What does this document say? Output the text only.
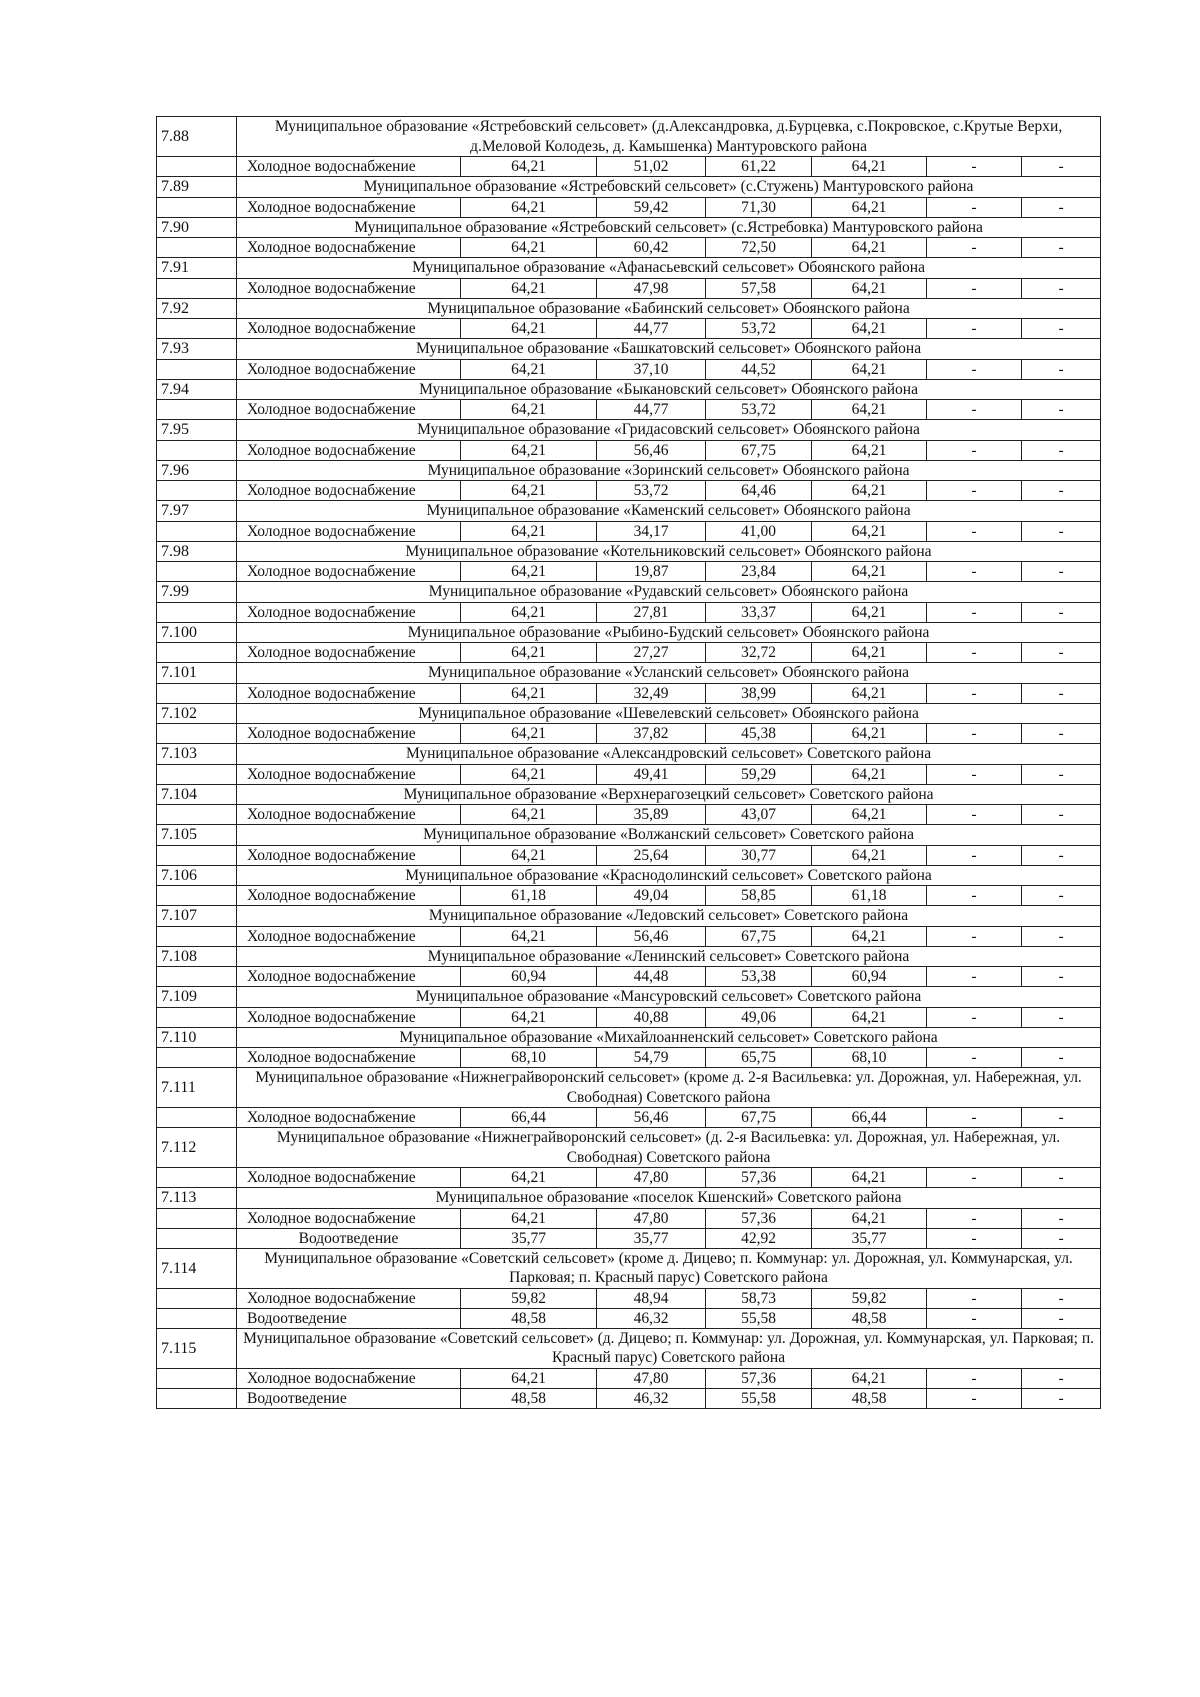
7.88	Муниципальное образование «Ястребовский сельсовет» (д.Александровка, д.Бурцевка, с.Покровское, с.Крутые Верхи, д.Меловой Колодезь, д. Камышенка) Мантуровского района						
	Холодное водоснабжение	64,21	51,02	61,22	64,21	-	-
7.89	Муниципальное образование «Ястребовский сельсовет» (с.Стужень) Мантуровского района						
	Холодное водоснабжение	64,21	59,42	71,30	64,21	-	-
7.90	Муниципальное образование «Ястребовский сельсовет» (с.Ястребовка) Мантуровского района						
	Холодное водоснабжение	64,21	60,42	72,50	64,21	-	-
7.91	Муниципальное образование «Афанасьевский сельсовет» Обоянского района						
	Холодное водоснабжение	64,21	47,98	57,58	64,21	-	-
7.92	Муниципальное образование «Бабинский сельсовет» Обоянского района						
	Холодное водоснабжение	64,21	44,77	53,72	64,21	-	-
7.93	Муниципальное образование «Башкатовский сельсовет» Обоянского района						
	Холодное водоснабжение	64,21	37,10	44,52	64,21	-	-
7.94	Муниципальное образование «Быкановский сельсовет» Обоянского района						
	Холодное водоснабжение	64,21	44,77	53,72	64,21	-	-
7.95	Муниципальное образование «Гридасовский сельсовет» Обоянского района						
	Холодное водоснабжение	64,21	56,46	67,75	64,21	-	-
7.96	Муниципальное образование «Зоринский сельсовет» Обоянского района						
	Холодное водоснабжение	64,21	53,72	64,46	64,21	-	-
7.97	Муниципальное образование «Каменский сельсовет» Обоянского района						
	Холодное водоснабжение	64,21	34,17	41,00	64,21	-	-
7.98	Муниципальное образование «Котельниковский сельсовет» Обоянского района						
	Холодное водоснабжение	64,21	19,87	23,84	64,21	-	-
7.99	Муниципальное образование «Рудавский сельсовет» Обоянского района						
	Холодное водоснабжение	64,21	27,81	33,37	64,21	-	-
7.100	Муниципальное образование «Рыбино-Будский сельсовет» Обоянского района						
	Холодное водоснабжение	64,21	27,27	32,72	64,21	-	-
7.101	Муниципальное образование «Усланский сельсовет» Обоянского района						
	Холодное водоснабжение	64,21	32,49	38,99	64,21	-	-
7.102	Муниципальное образование «Шевелевский сельсовет» Обоянского района						
	Холодное водоснабжение	64,21	37,82	45,38	64,21	-	-
7.103	Муниципальное образование «Александровский сельсовет» Советского района						
	Холодное водоснабжение	64,21	49,41	59,29	64,21	-	-
7.104	Муниципальное образование «Верхнерагозецкий сельсовет» Советского района						
	Холодное водоснабжение	64,21	35,89	43,07	64,21	-	-
7.105	Муниципальное образование «Волжанский сельсовет» Советского района						
	Холодное водоснабжение	64,21	25,64	30,77	64,21	-	-
7.106	Муниципальное образование «Краснодолинский сельсовет» Советского района						
	Холодное водоснабжение	61,18	49,04	58,85	61,18	-	-
7.107	Муниципальное образование «Ледовский сельсовет» Советского района						
	Холодное водоснабжение	64,21	56,46	67,75	64,21	-	-
7.108	Муниципальное образование «Ленинский сельсовет» Советского района						
	Холодное водоснабжение	60,94	44,48	53,38	60,94	-	-
7.109	Муниципальное образование «Мансуровский сельсовет» Советского района						
	Холодное водоснабжение	64,21	40,88	49,06	64,21	-	-
7.110	Муниципальное образование «Михайлоанненский сельсовет» Советского района						
	Холодное водоснабжение	68,10	54,79	65,75	68,10	-	-
7.111	Муниципальное образование «Нижнеграйворонский сельсовет» (кроме д. 2-я Васильевка: ул. Дорожная, ул. Набережная, ул. Свободная) Советского района						
	Холодное водоснабжение	66,44	56,46	67,75	66,44	-	-
7.112	Муниципальное образование «Нижнеграйворонский сельсовет» (д. 2-я Васильевка: ул. Дорожная, ул. Набережная, ул. Свободная) Советского района						
	Холодное водоснабжение	64,21	47,80	57,36	64,21	-	-
7.113	Муниципальное образование «поселок Кшенский» Советского района						
	Холодное водоснабжение	64,21	47,80	57,36	64,21	-	-
	Водоотведение	35,77	35,77	42,92	35,77	-	-
7.114	Муниципальное образование «Советский сельсовет» (кроме д. Дицево; п. Коммунар: ул. Дорожная, ул. Коммунарская, ул. Парковая; п. Красный парус) Советского района						
	Холодное водоснабжение	59,82	48,94	58,73	59,82	-	-
	Водоотведение	48,58	46,32	55,58	48,58	-	-
7.115	Муниципальное образование «Советский сельсовет» (д. Дицево; п. Коммунар: ул. Дорожная, ул. Коммунарская, ул. Парковая; п. Красный парус) Советского района						
	Холодное водоснабжение	64,21	47,80	57,36	64,21	-	-
	Водоотведение	48,58	46,32	55,58	48,58	-	-
